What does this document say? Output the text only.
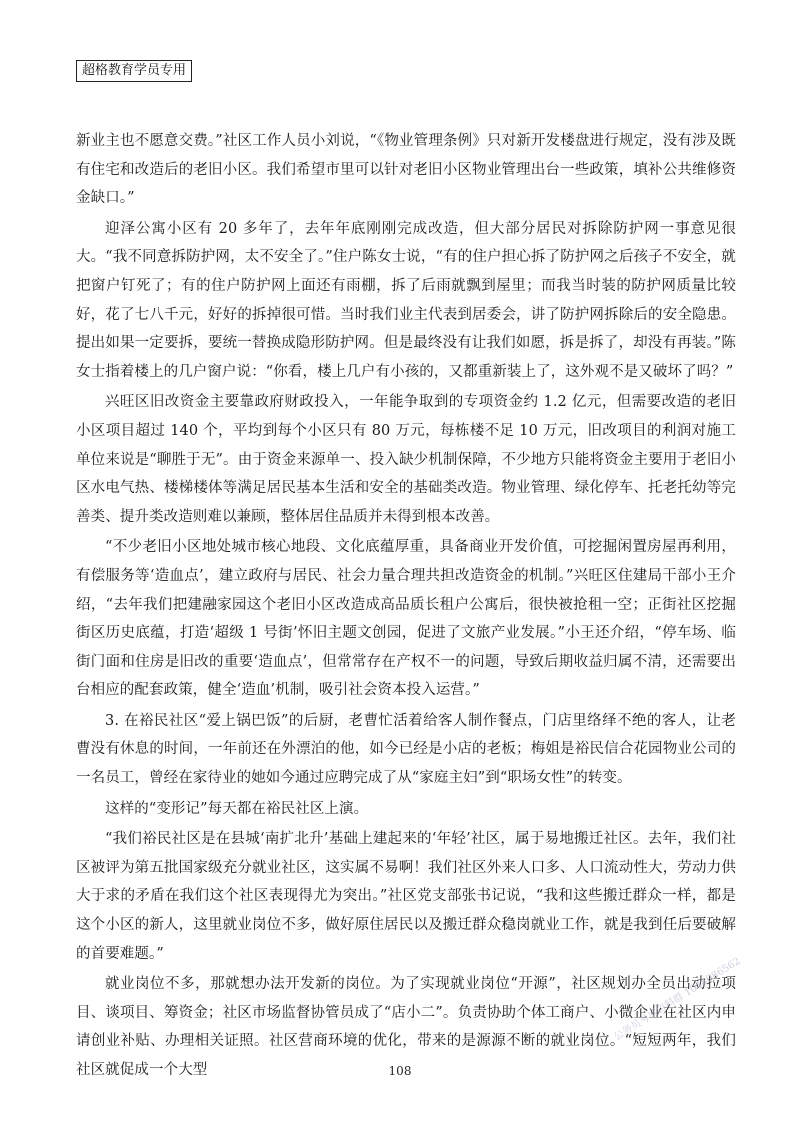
超格教育学员专用

新业主也不愿意交费。”社区工作人员小刘说，“《物业管理条例》只对新开发楼盘进行规定，没有涉及既有住宅和改造后的老旧小区。我们希望市里可以针对老旧小区物业管理出台一些政策，填补公共维修资金缺口。”

迎泽公寓小区有 20 多年了，去年年底刚刚完成改造，但大部分居民对拆除防护网一事意见很大。“我不同意拆防护网，太不安全了。”住户陈女士说，“有的住户担心拆了防护网之后孩子不安全，就把窗户钉死了；有的住户防护网上面还有雨棚，拆了后雨就飘到屋里；而我当时装的防护网质量比较好，花了七八千元，好好的拆掉很可惜。当时我们业主代表到居委会，讲了防护网拆除后的安全隐患。提出如果一定要拆，要统一替换成隐形防护网。但是最终没有让我们如愿，拆是拆了，却没有再装。”陈女士指着楼上的几户窗户说：“你看，楼上几户有小孩的，又都重新装上了，这外观不是又破坏了吗？”

兴旺区旧改资金主要靠政府财政投入，一年能争取到的专项资金约 1.2 亿元，但需要改造的老旧小区项目超过 140 个，平均到每个小区只有 80 万元，每栋楼不足 10 万元，旧改项目的利润对施工单位来说是“聊胜于无”。由于资金来源单一、投入缺少机制保障，不少地方只能将资金主要用于老旧小区水电气热、楼梯楼体等满足居民基本生活和安全的基础类改造。物业管理、绿化停车、托老托幼等完善类、提升类改造则难以兼顾，整体居住品质并未得到根本改善。

“不少老旧小区地处城市核心地段、文化底蕴厚重，具备商业开发价值，可挖掘闲置房屋再利用，有偿服务等‘造血点’，建立政府与居民、社会力量合理共担改造资金的机制。”兴旺区住建局干部小王介绍，“去年我们把建融家园这个老旧小区改造成高品质长租户公寓后，很快被抢租一空；正街社区挖掘街区历史底蕴，打造‘超级 1 号街’怀旧主题文创园，促进了文旅产业发展。”小王还介绍，“停车场、临街门面和住房是旧改的重要‘造血点’，但常常存在产权不一的问题，导致后期收益归属不清，还需要出台相应的配套政策，健全‘造血’机制，吸引社会资本投入运营。”

3. 在裕民社区“爱上锅巴饭”的后厨，老曹忙活着给客人制作餐点，门店里络绎不绝的客人，让老曹没有休息的时间，一年前还在外漂泊的他，如今已经是小店的老板；梅姐是裕民信合花园物业公司的一名员工，曾经在家待业的她如今通过应聘完成了从“家庭主妇”到“职场女性”的转变。

这样的“变形记”每天都在裕民社区上演。

“我们裕民社区是在县城‘南扩北升’基础上建起来的‘年轻’社区，属于易地搬迁社区。去年，我们社区被评为第五批国家级充分就业社区，这实属不易啊！我们社区外来人口多、人口流动性大，劳动力供大于求的矛盾在我们这个社区表现得尤为突出。”社区党支部张书记说，“我和这些搬迁群众一样，都是这个小区的新人，这里就业岗位不多，做好原住居民以及搬迁群众稳岗就业工作，就是我到任后要破解的首要难题。”

就业岗位不多，那就想办法开发新的岗位。为了实现就业岗位“开源”，社区规划办全员出动拉项目、谈项目、筹资金；社区市场监督协管员成了“店小二”。负责协助个体工商户、小微企业在社区内申请创业补贴、办理相关证照。社区营商环境的优化，带来的是源源不断的就业岗位。“短短两年，我们社区就促成一个大型

公务员考试资料群 1044086562
108
